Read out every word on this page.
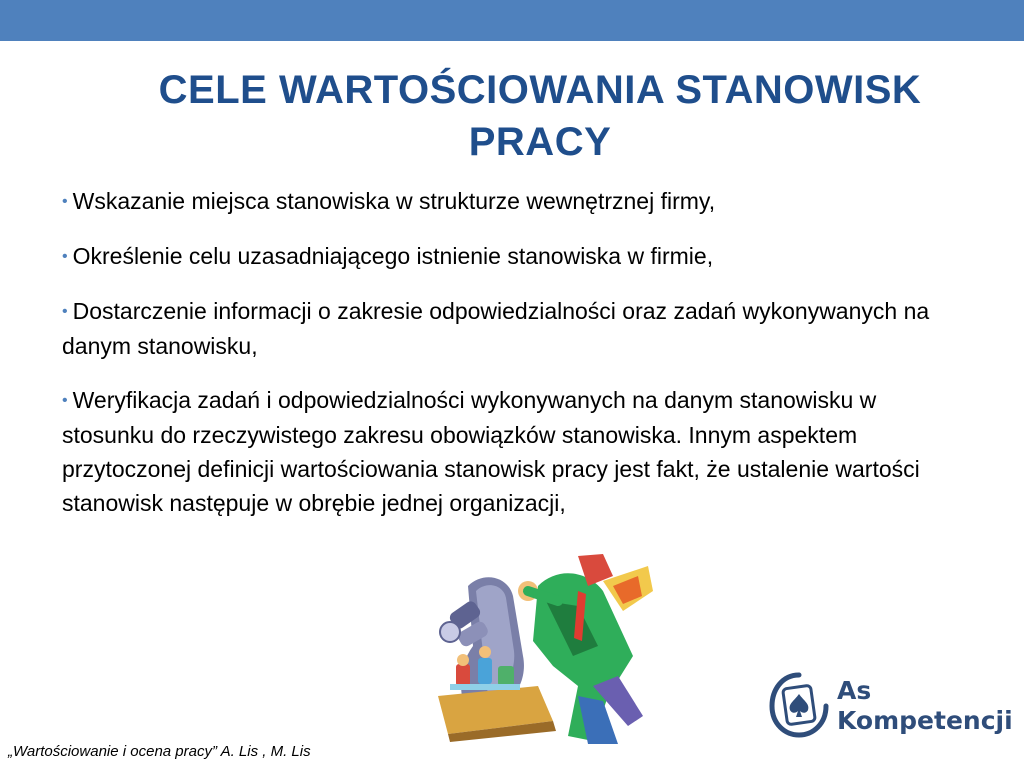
CELE WARTOŚCIOWANIA STANOWISK
PRACY
• Wskazanie miejsca stanowiska w strukturze wewnętrznej firmy,
• Określenie celu uzasadniającego istnienie stanowiska w firmie,
• Dostarczenie informacji o zakresie odpowiedzialności oraz zadań wykonywanych na danym stanowisku,
• Weryfikacja zadań i odpowiedzialności wykonywanych na danym stanowisku w stosunku do rzeczywistego zakresu obowiązków stanowiska. Innym aspektem przytoczonej definicji wartościowania stanowisk pracy jest fakt, że ustalenie wartości stanowisk następuje w obrębie jednej organizacji,
As
Kompetencji
„Wartościowanie i ocena pracy” A. Lis , M. Lis
